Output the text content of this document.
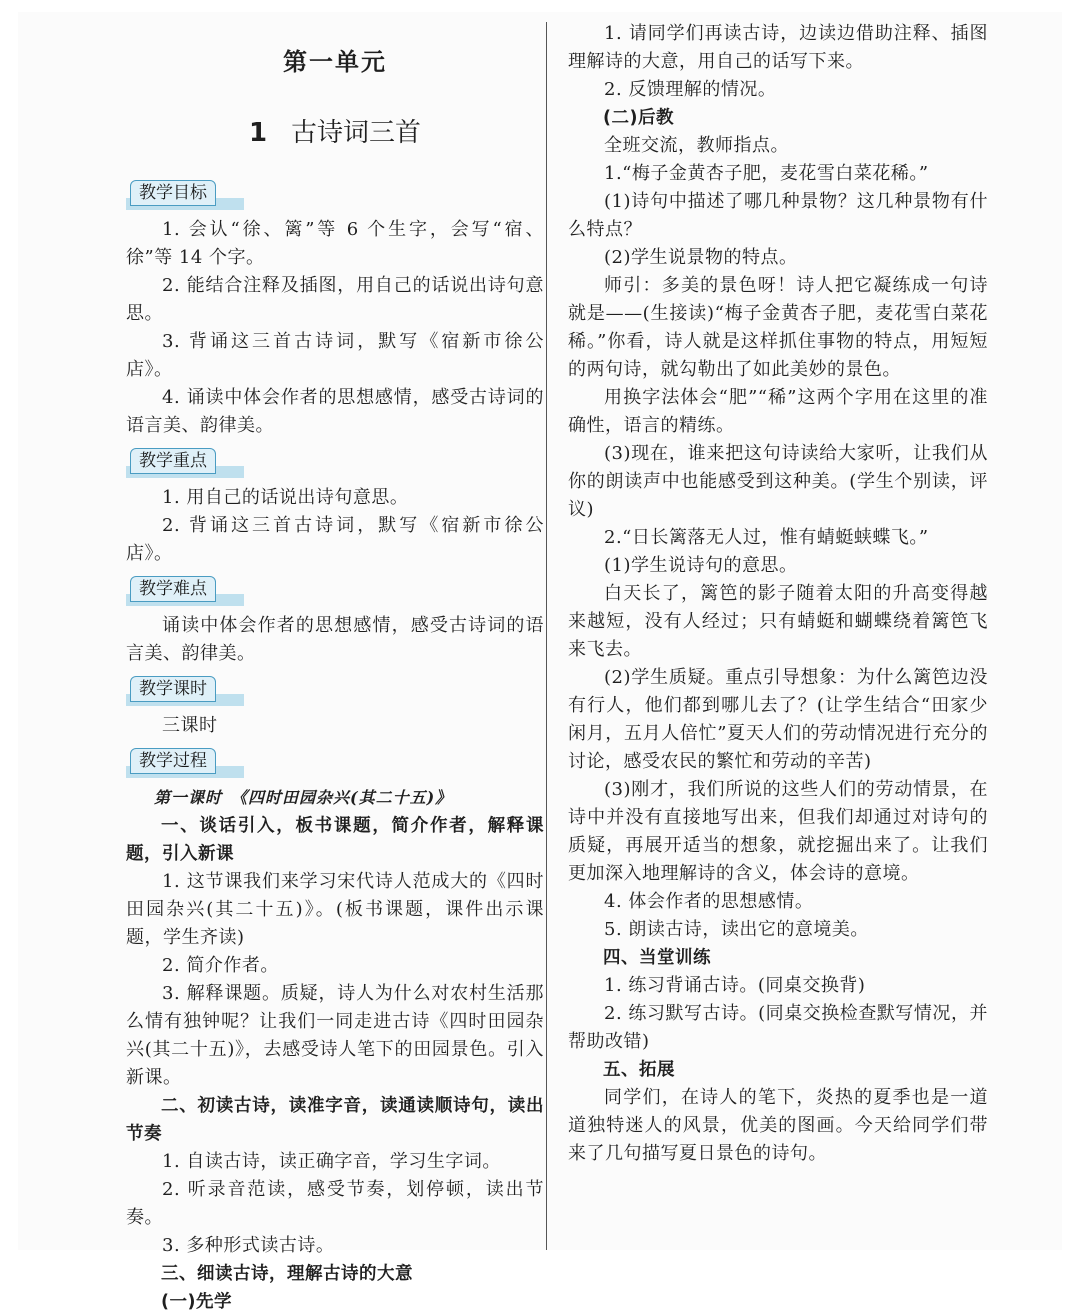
第一单元
1 古诗词三首
教学目标

1. 会认“徐、篱”等 6 个生字，会写“宿、徐”等 14 个字。

2. 能结合注释及插图，用自己的话说出诗句意思。

3. 背诵这三首古诗词，默写《宿新市徐公店》。

4. 诵读中体会作者的思想感情，感受古诗词的语言美、韵律美。

教学重点

1. 用自己的话说出诗句意思。

2. 背诵这三首古诗词，默写《宿新市徐公店》。

教学难点

诵读中体会作者的思想感情，感受古诗词的语言美、韵律美。

教学课时

三课时

教学过程

第一课时　《四时田园杂兴(其二十五)》

一、谈话引入，板书课题，简介作者，解释课题，引入新课

1. 这节课我们来学习宋代诗人范成大的《四时田园杂兴(其二十五)》。(板书课题，课件出示课题，学生齐读)

2. 简介作者。

3. 解释课题。质疑，诗人为什么对农村生活那么情有独钟呢？让我们一同走进古诗《四时田园杂兴(其二十五)》，去感受诗人笔下的田园景色。引入新课。

二、初读古诗，读准字音，读通读顺诗句，读出节奏

1. 自读古诗，读正确字音，学习生字词。

2. 听录音范读，感受节奏，划停顿，读出节奏。

3. 多种形式读古诗。

三、细读古诗，理解古诗的大意

(一)先学

1. 请同学们再读古诗，边读边借助注释、插图理解诗的大意，用自己的话写下来。

2. 反馈理解的情况。

(二)后教

全班交流，教师指点。

1.“梅子金黄杏子肥，麦花雪白菜花稀。”

(1)诗句中描述了哪几种景物？这几种景物有什么特点？

(2)学生说景物的特点。

师引：多美的景色呀！诗人把它凝练成一句诗就是——(生接读)“梅子金黄杏子肥，麦花雪白菜花稀。”你看，诗人就是这样抓住事物的特点，用短短的两句诗，就勾勒出了如此美妙的景色。

用换字法体会“肥”“稀”这两个字用在这里的准确性，语言的精练。

(3)现在，谁来把这句诗读给大家听，让我们从你的朗读声中也能感受到这种美。(学生个别读，评议)

2.“日长篱落无人过，惟有蜻蜓蛱蝶飞。”

(1)学生说诗句的意思。

白天长了，篱笆的影子随着太阳的升高变得越来越短，没有人经过；只有蜻蜓和蝴蝶绕着篱笆飞来飞去。

(2)学生质疑。重点引导想象：为什么篱笆边没有行人，他们都到哪儿去了？(让学生结合“田家少闲月，五月人倍忙”夏天人们的劳动情况进行充分的讨论，感受农民的繁忙和劳动的辛苦)

(3)刚才，我们所说的这些人们的劳动情景，在诗中并没有直接地写出来，但我们却通过对诗句的质疑，再展开适当的想象，就挖掘出来了。让我们更加深入地理解诗的含义，体会诗的意境。

4. 体会作者的思想感情。

5. 朗读古诗，读出它的意境美。

四、当堂训练

1. 练习背诵古诗。(同桌交换背)

2. 练习默写古诗。(同桌交换检查默写情况，并帮助改错)

五、拓展

同学们，在诗人的笔下，炎热的夏季也是一道道独特迷人的风景，优美的图画。今天给同学们带来了几句描写夏日景色的诗句。
